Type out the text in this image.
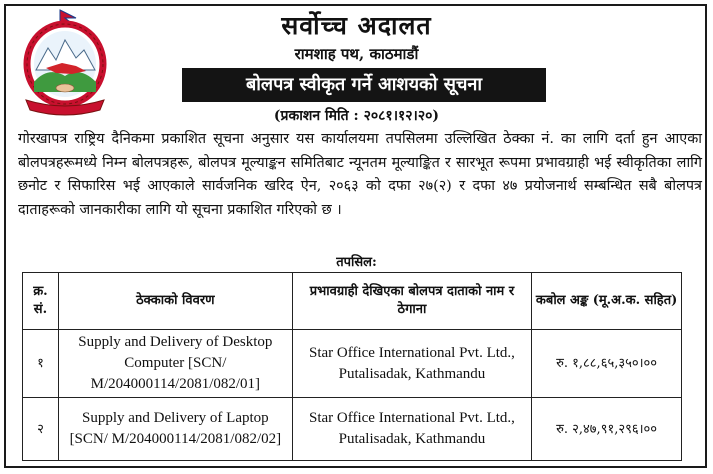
सर्वोच्च अदालत
रामशाह पथ, काठमाडौं
बोलपत्र स्वीकृत गर्ने आशयको सूचना
(प्रकाशन मिति : २०८१।१२।२०)
गोरखापत्र राष्ट्रिय दैनिकमा प्रकाशित सूचना अनुसार यस कार्यालयमा तपसिलमा उल्लिखित ठेक्का नं. का लागि दर्ता हुन आएका बोलपत्रहरूमध्ये निम्न बोलपत्रहरू, बोलपत्र मूल्याङ्कन समितिबाट न्यूनतम मूल्याङ्कित र सारभूत रूपमा प्रभावग्राही भई स्वीकृतिका लागि छनोट र सिफारिस भई आएकाले सार्वजनिक खरिद ऐन, २०६३ को दफा २७(२) र दफा ४७ प्रयोजनार्थ सम्बन्धित सबै बोलपत्र दाताहरूको जानकारीका लागि यो सूचना प्रकाशित गरिएको छ ।
तपसिल:
क्र. सं.	ठेक्काको विवरण	प्रभावग्राही देखिएका बोलपत्र दाताको नाम र ठेगाना	कबोल अङ्क (मू.अ.क. सहित)
१	Supply and Delivery of Desktop Computer [SCN/ M/204000114/2081/082/01]	Star Office International Pvt. Ltd., Putalisadak, Kathmandu	रु. १,८८,६५,३५०।००
२	Supply and Delivery of Laptop [SCN/ M/204000114/2081/082/02]	Star Office International Pvt. Ltd., Putalisadak, Kathmandu	रु. २,४७,९१,२९६।००
